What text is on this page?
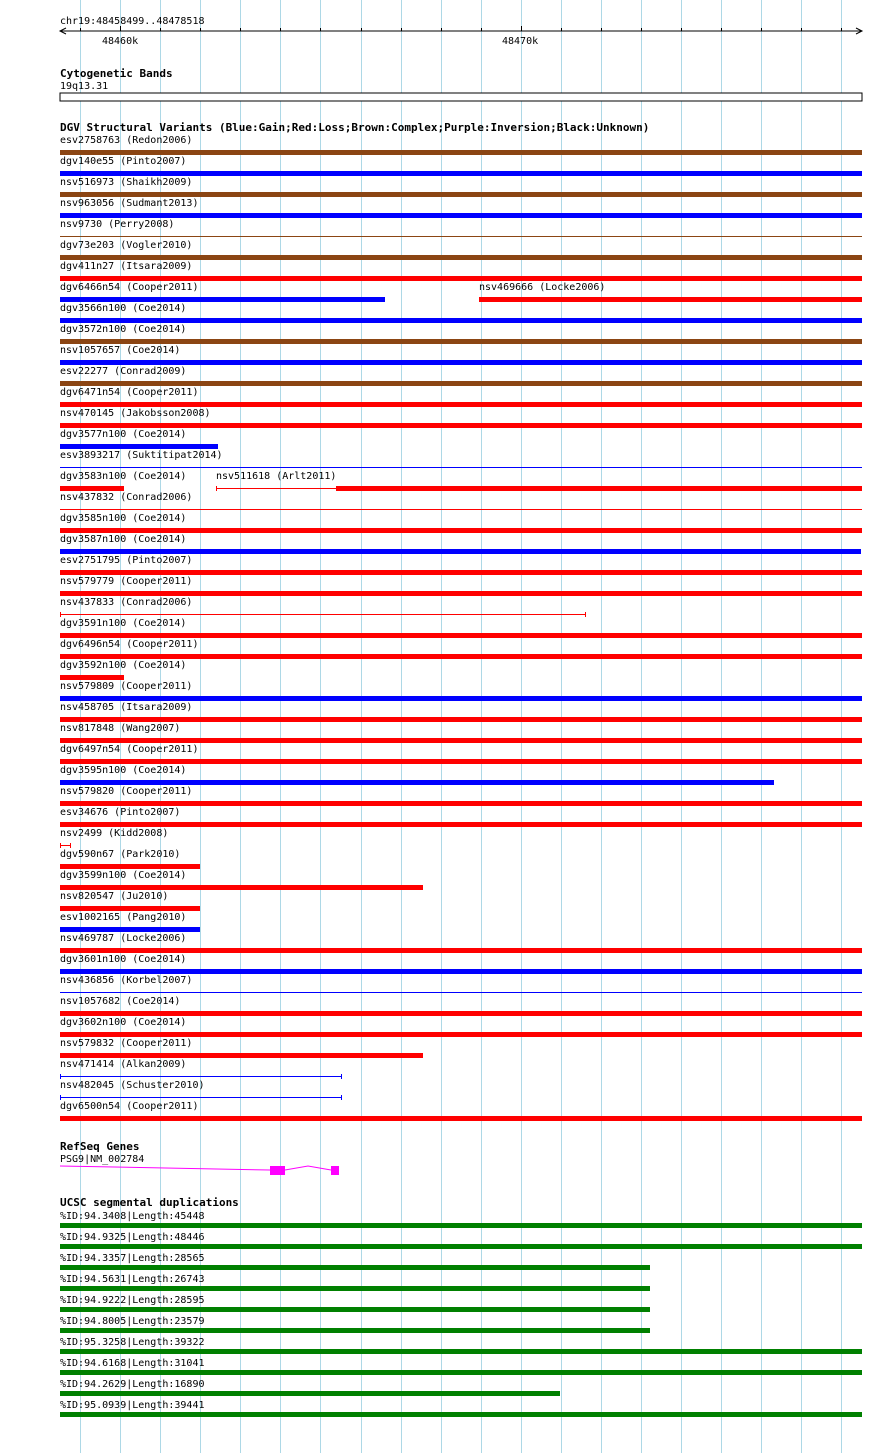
chr19:48458499..48478518
48460k	48470k
Cytogenetic Bands
19q13.31
DGV Structural Variants (Blue:Gain;Red:Loss;Brown:Complex;Purple:Inversion;Black:Unknown)
esv2758763 (Redon2006)
dgv140e55 (Pinto2007)
nsv516973 (Shaikh2009)
nsv963056 (Sudmant2013)
nsv9730 (Perry2008)
dgv73e203 (Vogler2010)
dgv411n27 (Itsara2009)
dgv6466n54 (Cooper2011)	nsv469666 (Locke2006)
dgv3566n100 (Coe2014)
dgv3572n100 (Coe2014)
nsv1057657 (Coe2014)
esv22277 (Conrad2009)
dgv6471n54 (Cooper2011)
nsv470145 (Jakobsson2008)
dgv3577n100 (Coe2014)
esv3893217 (Suktitipat2014)
dgv3583n100 (Coe2014)	nsv511618 (Arlt2011)
nsv437832 (Conrad2006)
dgv3585n100 (Coe2014)
dgv3587n100 (Coe2014)
esv2751795 (Pinto2007)
nsv579779 (Cooper2011)
nsv437833 (Conrad2006)
dgv3591n100 (Coe2014)
dgv6496n54 (Cooper2011)
dgv3592n100 (Coe2014)
nsv579809 (Cooper2011)
nsv458705 (Itsara2009)
nsv817848 (Wang2007)
dgv6497n54 (Cooper2011)
dgv3595n100 (Coe2014)
nsv579820 (Cooper2011)
esv34676 (Pinto2007)
nsv2499 (Kidd2008)
dgv590n67 (Park2010)
dgv3599n100 (Coe2014)
nsv820547 (Ju2010)
esv1002165 (Pang2010)
nsv469787 (Locke2006)
dgv3601n100 (Coe2014)
nsv436856 (Korbel2007)
nsv1057682 (Coe2014)
dgv3602n100 (Coe2014)
nsv579832 (Cooper2011)
nsv471414 (Alkan2009)
nsv482045 (Schuster2010)
dgv6500n54 (Cooper2011)
RefSeq Genes
PSG9|NM_002784
UCSC segmental duplications
%ID:94.3408|Length:45448
%ID:94.9325|Length:48446
%ID:94.3357|Length:28565
%ID:94.5631|Length:26743
%ID:94.9222|Length:28595
%ID:94.8005|Length:23579
%ID:95.3258|Length:39322
%ID:94.6168|Length:31041
%ID:94.2629|Length:16890
%ID:95.0939|Length:39441
